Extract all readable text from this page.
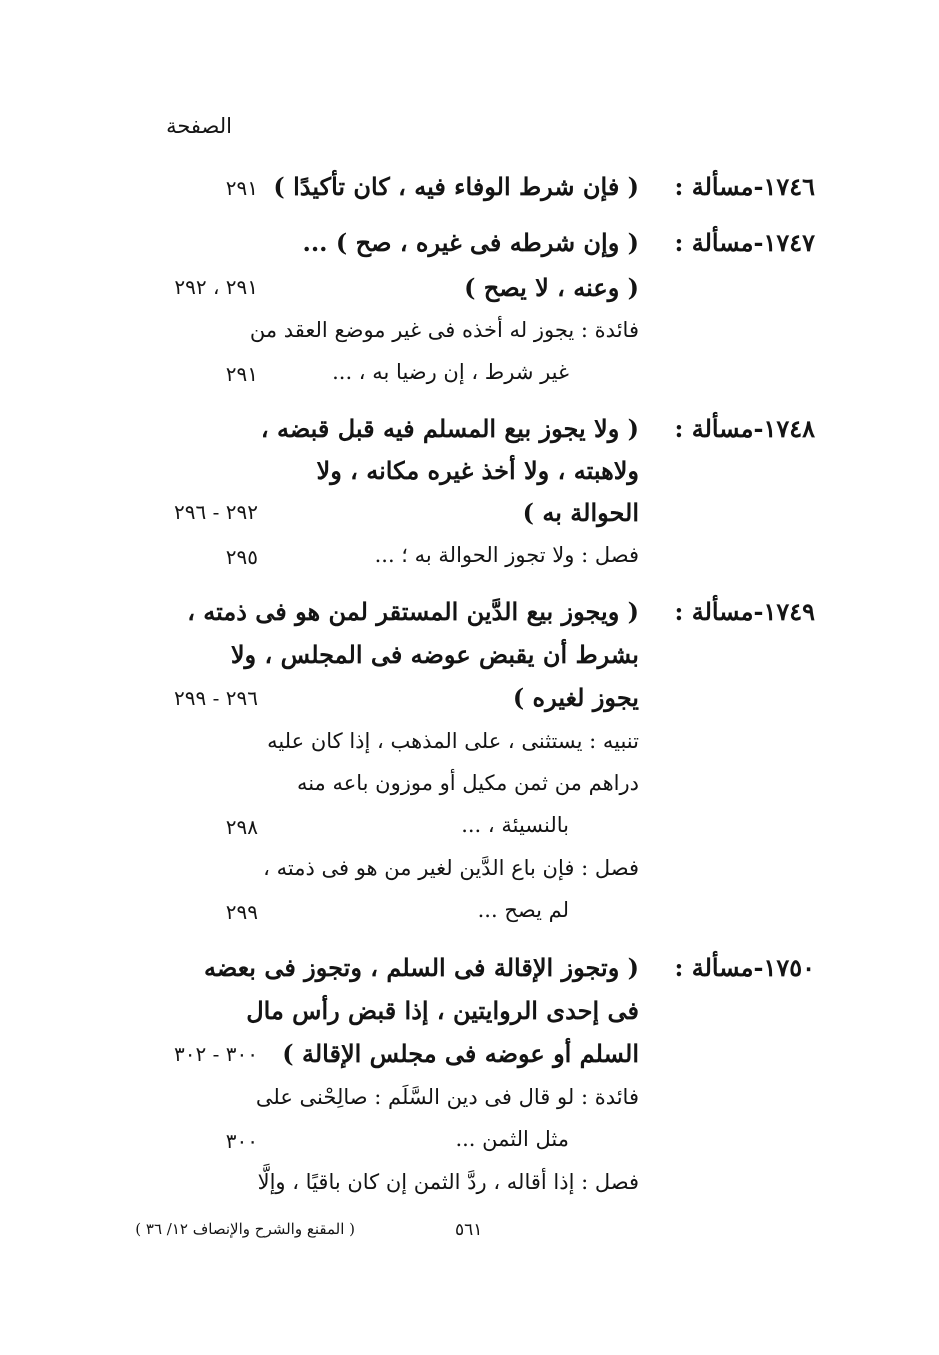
الصفحة
١٧٤٦-مسألة :
( فإن شرط الوفاء فيه ، كان تأكيدًا )
٢٩١
١٧٤٧-مسألة :
( وإن شرطه فى غيره ، صح ) ...
( وعنه ، لا يصح )
٢٩١ ، ٢٩٢
فائدة : يجوز له أخذه فى غير موضع العقد من
غير شرط ، إن رضيا به ، ...
٢٩١
١٧٤٨-مسألة :
( ولا يجوز بيع المسلم فيه قبل قبضه ،
ولاهبته ، ولا أخذ غيره مكانه ، ولا
الحوالة به )
٢٩٢ - ٢٩٦
فصل : ولا تجوز الحوالة به ؛ ...
٢٩٥
١٧٤٩-مسألة :
( ويجوز بيع الدَّين المستقر لمن هو فى ذمته ،
بشرط أن يقبض عوضه فى المجلس ، ولا
يجوز لغيره )
٢٩٦ - ٢٩٩
تنبيه : يستثنى ، على المذهب ، إذا كان عليه
دراهم من ثمن مكيل أو موزون باعه منه
بالنسيئة ، ...
٢٩٨
فصل : فإن باع الدَّين لغير من هو فى ذمته ،
لم يصح ...
٢٩٩
١٧٥٠-مسألة :
( وتجوز الإقالة فى السلم ، وتجوز فى بعضه
فى إحدى الروايتين ، إذا قبض رأس مال
السلم أو عوضه فى مجلس الإقالة )
٣٠٠ - ٣٠٢
فائدة : لو قال فى دين السَّلَم : صالِحْنى على
مثل الثمن ...
٣٠٠
فصل : إذا أقاله ، ردَّ الثمن إن كان باقيًا ، وإلَّا
( المقنع والشرح والإنصاف ١٢/ ٣٦ )	٥٦١
